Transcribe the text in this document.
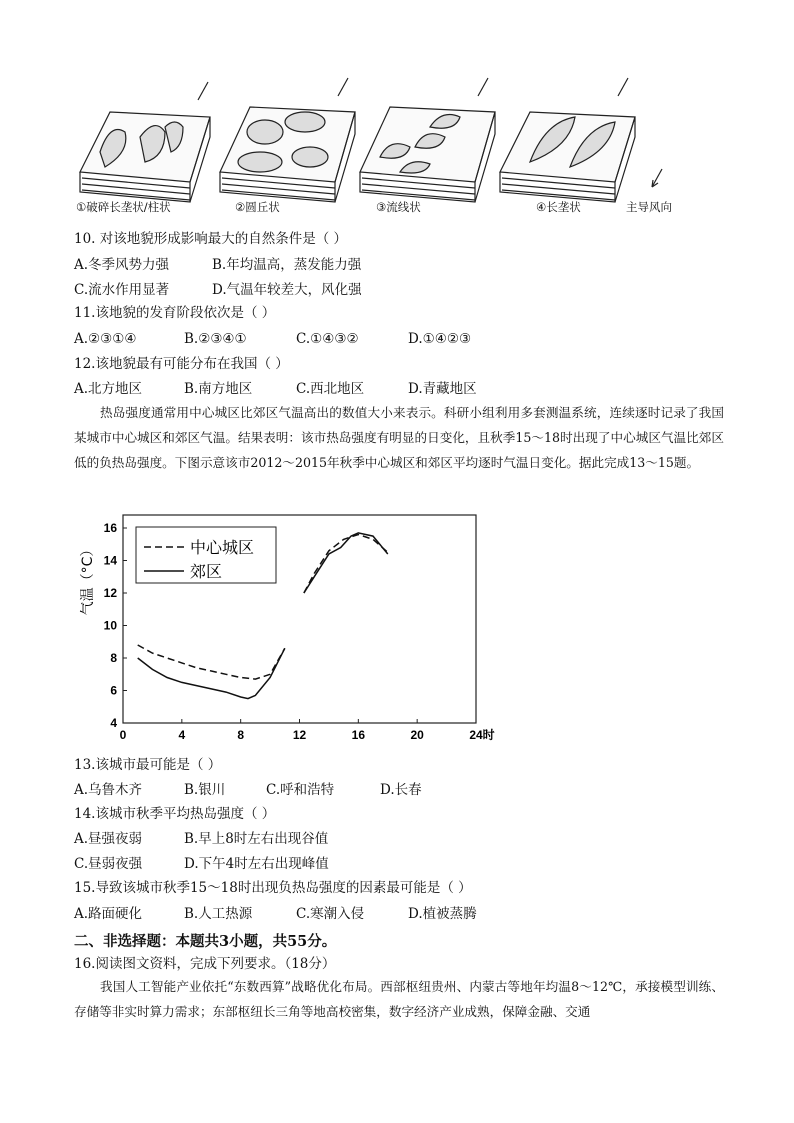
①破碎长垄状/柱状	②圆丘状	③流线状	④长垄状	主导风向
10. 对该地貌形成影响最大的自然条件是（ ）
A.冬季风势力强	B.年均温高，蒸发能力强
C.流水作用显著	D.气温年较差大，风化强
11.该地貌的发育阶段依次是（ ）
A.②③①④	B.②③④①	C.①④③②	D.①④②③
12.该地貌最有可能分布在我国（ ）
A.北方地区	B.南方地区	C.西北地区	D.青藏地区
热岛强度通常用中心城区比郊区气温高出的数值大小来表示。科研小组利用多套测温系统，连续逐时记录了我国某城市中心城区和郊区气温。结果表明：该市热岛强度有明显的日变化，且秋季15～18时出现了中心城区气温比郊区低的负热岛强度。下图示意该市2012～2015年秋季中心城区和郊区平均逐时气温日变化。据此完成13～15题。
0	4	8	12	16	20	24时
4
6
8
10
12
14
16
气温（°C）	中心城区
郊区
13.该城市最可能是（ ）
A.乌鲁木齐	B.银川	C.呼和浩特	D.长春
14.该城市秋季平均热岛强度（ ）
A.昼强夜弱	B.早上8时左右出现谷值
C.昼弱夜强	D.下午4时左右出现峰值
15.导致该城市秋季15～18时出现负热岛强度的因素最可能是（ ）
A.路面硬化	B.人工热源	C.寒潮入侵	D.植被蒸腾
二、非选择题：本题共3小题，共55分。
16.阅读图文资料，完成下列要求。（18分）
我国人工智能产业依托“东数西算”战略优化布局。西部枢纽贵州、内蒙古等地年均温8～12℃，承接模型训练、存储等非实时算力需求；东部枢纽长三角等地高校密集，数字经济产业成熟，保障金融、交通
